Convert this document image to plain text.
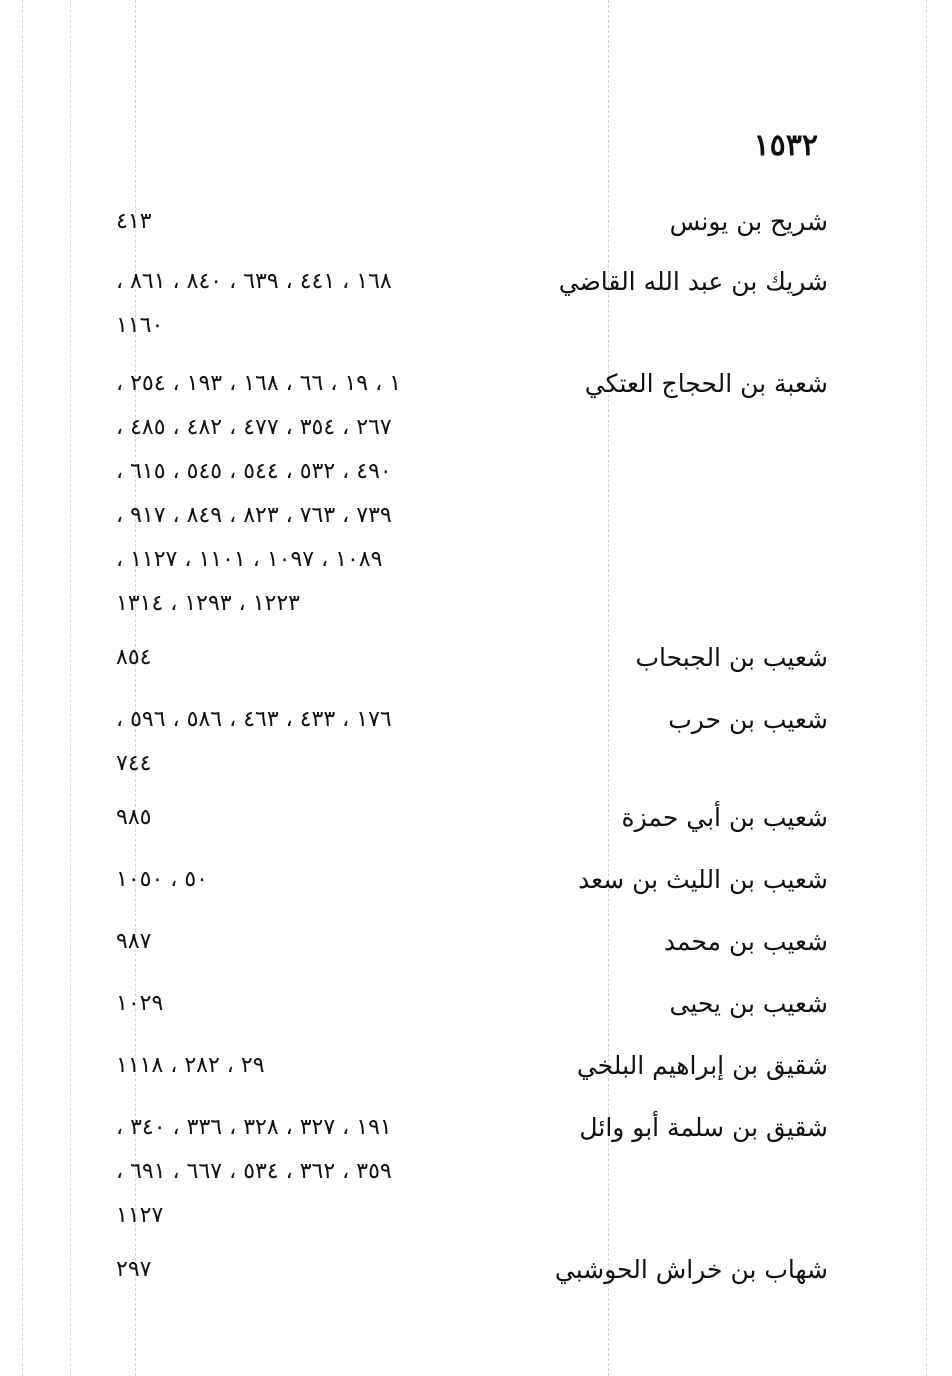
١٥٣٢
شريح بن يونس
٤١٣
شريك بن عبد الله القاضي
١٦٨ ، ٤٤١ ، ٦٣٩ ، ٨٤٠ ، ٨٦١ ،
١١٦٠
شعبة بن الحجاج العتكي
١ ، ١٩ ، ٦٦ ، ١٦٨ ، ١٩٣ ، ٢٥٤ ،
٢٦٧ ، ٣٥٤ ، ٤٧٧ ، ٤٨٢ ، ٤٨٥ ،
٤٩٠ ، ٥٣٢ ، ٥٤٤ ، ٥٤٥ ، ٦١٥ ،
٧٣٩ ، ٧٦٣ ، ٨٢٣ ، ٨٤٩ ، ٩١٧ ،
١٠٨٩ ، ١٠٩٧ ، ١١٠١ ، ١١٢٧ ،
١٢٢٣ ، ١٢٩٣ ، ١٣١٤
شعيب بن الجبحاب
٨٥٤
شعيب بن حرب
١٧٦ ، ٤٣٣ ، ٤٦٣ ، ٥٨٦ ، ٥٩٦ ،
٧٤٤
شعيب بن أبي حمزة
٩٨٥
شعيب بن الليث بن سعد
٥٠ ، ١٠٥٠
شعيب بن محمد
٩٨٧
شعيب بن يحيى
١٠٢٩
شقيق بن إبراهيم البلخي
٢٩ ، ٢٨٢ ، ١١١٨
شقيق بن سلمة أبو وائل
١٩١ ، ٣٢٧ ، ٣٢٨ ، ٣٣٦ ، ٣٤٠ ،
٣٥٩ ، ٣٦٢ ، ٥٣٤ ، ٦٦٧ ، ٦٩١ ،
١١٢٧
شهاب بن خراش الحوشبي
٢٩٧
